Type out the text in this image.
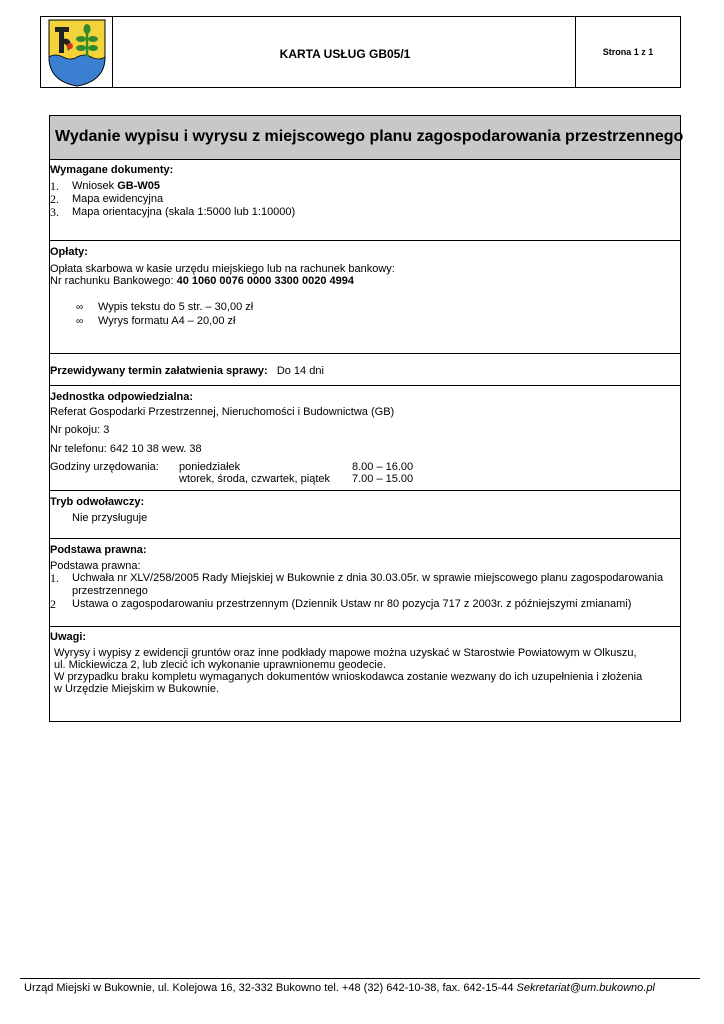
KARTA USŁUG GB05/1	Strona 1 z 1
Wydanie wypisu i wyrysu z miejscowego planu zagospodarowania przestrzennego
Wymagane dokumenty:
1. Wniosek GB-W05
2. Mapa ewidencyjna
3. Mapa orientacyjna (skala 1:5000 lub 1:10000)
Opłaty:
Opłata skarbowa w kasie urzędu miejskiego lub na rachunek bankowy:
Nr rachunku Bankowego: 40 1060 0076 0000 3300 0020 4994
∞ Wypis tekstu do 5 str. – 30,00 zł
∞ Wyrys formatu A4 – 20,00 zł
Przewidywany termin załatwienia sprawy: Do 14 dni
Jednostka odpowiedzialna:
Referat Gospodarki Przestrzennej, Nieruchomości i Budownictwa (GB)
Nr pokoju: 3
Nr telefonu: 642 10 38 wew. 38
Godziny urzędowania: poniedziałek	8.00 – 16.00
wtorek, środa, czwartek, piątek 7.00 – 15.00
Tryb odwoławczy:
Nie przysługuje
Podstawa prawna:
Podstawa prawna:
1. Uchwała nr XLV/258/2005 Rady Miejskiej w Bukownie z dnia 30.03.05r. w sprawie miejscowego planu zagospodarowania
przestrzennego
2 Ustawa o zagospodarowaniu przestrzennym (Dziennik Ustaw nr 80 pozycja 717 z 2003r. z późniejszymi zmianami)
Uwagi:
Wyrysy i wypisy z ewidencji gruntów oraz inne podkłady mapowe można uzyskać w Starostwie Powiatowym w Olkuszu,
ul. Mickiewicza 2, lub zlecić ich wykonanie uprawnionemu geodecie.
W przypadku braku kompletu wymaganych dokumentów wnioskodawca zostanie wezwany do ich uzupełnienia i złożenia
w Urzędzie Miejskim w Bukownie.
Urząd Miejski w Bukownie, ul. Kolejowa 16, 32-332 Bukowno tel. +48 (32) 642-10-38, fax. 642-15-44 Sekretariat@um.bukowno.pl
